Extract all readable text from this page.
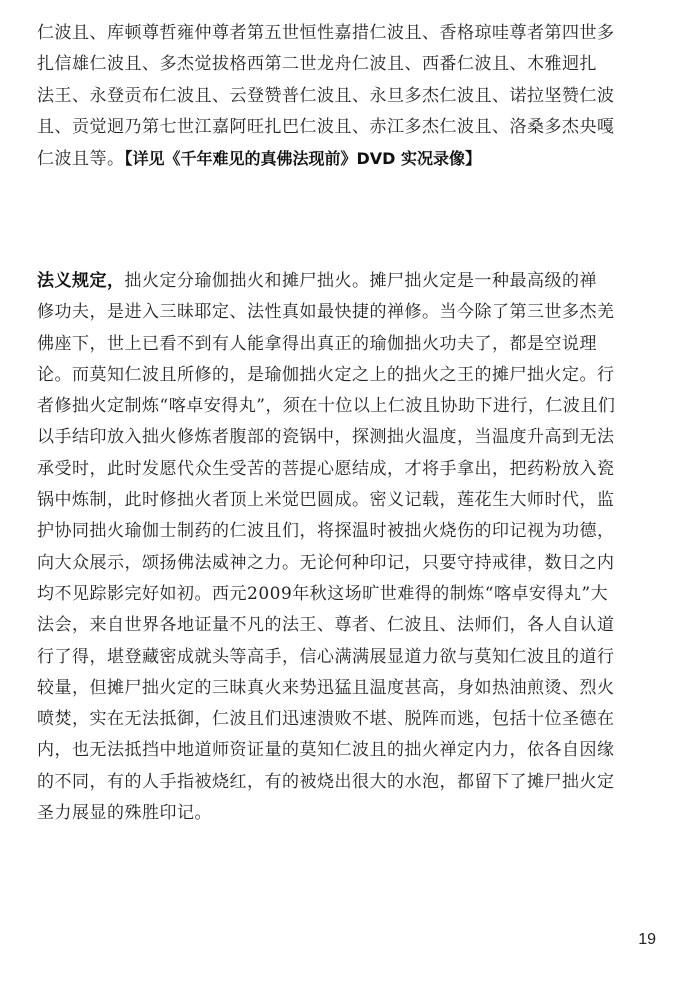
仁波且、库顿尊哲雍仲尊者第五世恒性嘉措仁波且、香格琼哇尊者第四世多
扎信雄仁波且、多杰觉拔格西第二世龙舟仁波且、西番仁波且、木雅迥扎
法王、永登贡布仁波且、云登赞普仁波且、永旦多杰仁波且、诺拉坚赞仁波
且、贡觉迥乃第七世江嘉阿旺扎巴仁波且、赤江多杰仁波且、洛桑多杰央嘎
仁波且等。【详见《千年难见的真佛法现前》DVD 实况录像】
法义规定，拙火定分瑜伽拙火和摊尸拙火。摊尸拙火定是一种最高级的禅
修功夫，是进入三昧耶定、法性真如最快捷的禅修。当今除了第三世多杰羌
佛座下，世上已看不到有人能拿得出真正的瑜伽拙火功夫了，都是空说理
论。而莫知仁波且所修的，是瑜伽拙火定之上的拙火之王的摊尸拙火定。行
者修拙火定制炼“喀卓安得丸”，须在十位以上仁波且协助下进行，仁波且们
以手结印放入拙火修炼者腹部的瓷锅中，探测拙火温度，当温度升高到无法
承受时，此时发愿代众生受苦的菩提心愿结成，才将手拿出，把药粉放入瓷
锅中炼制，此时修拙火者顶上米觉巴圆成。密义记载，莲花生大师时代，监
护协同拙火瑜伽士制药的仁波且们，将探温时被拙火烧伤的印记视为功德，
向大众展示，颂扬佛法威神之力。无论何种印记，只要守持戒律，数日之内
均不见踪影完好如初。西元2009年秋这场旷世难得的制炼“喀卓安得丸”大
法会，来自世界各地证量不凡的法王、尊者、仁波且、法师们，各人自认道
行了得，堪登藏密成就头等高手，信心满满展显道力欲与莫知仁波且的道行
较量，但摊尸拙火定的三昧真火来势迅猛且温度甚高，身如热油煎烫、烈火
喷焚，实在无法抵御，仁波且们迅速溃败不堪、脱阵而逃，包括十位圣德在
内，也无法抵挡中地道师资证量的莫知仁波且的拙火禅定内力，依各自因缘
的不同，有的人手指被烧红，有的被烧出很大的水泡，都留下了摊尸拙火定
圣力展显的殊胜印记。
19
